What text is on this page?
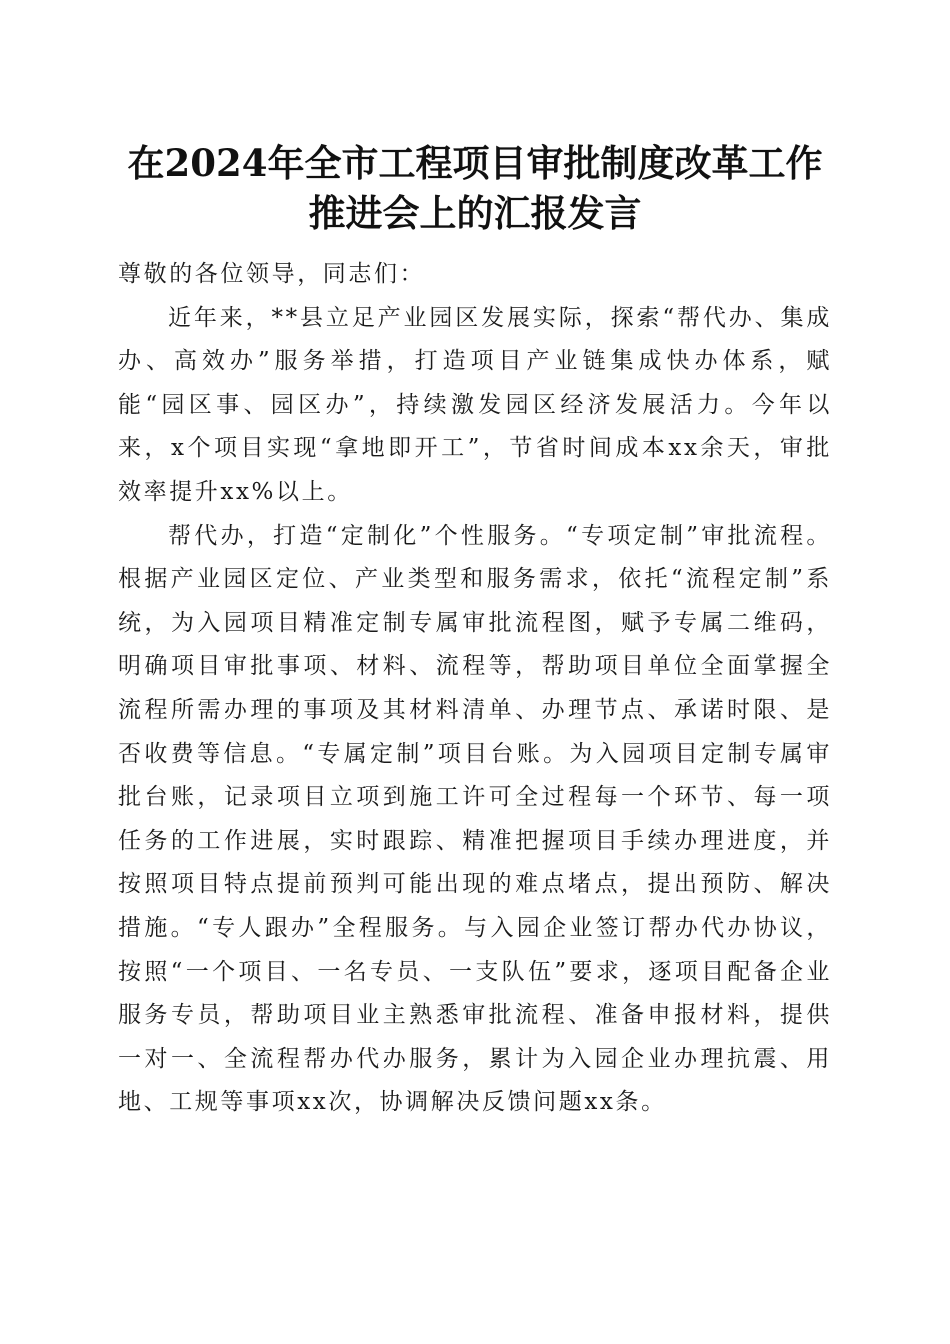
在2024年全市工程项目审批制度改革工作推进会上的汇报发言

尊敬的各位领导，同志们：

近年来，**县立足产业园区发展实际，探索“帮代办、集成办、高效办”服务举措，打造项目产业链集成快办体系，赋能“园区事、园区办”，持续激发园区经济发展活力。今年以来，x个项目实现“拿地即开工”，节省时间成本xx余天，审批效率提升xx%以上。

帮代办，打造“定制化”个性服务。“专项定制”审批流程。根据产业园区定位、产业类型和服务需求，依托“流程定制”系统，为入园项目精准定制专属审批流程图，赋予专属二维码，明确项目审批事项、材料、流程等，帮助项目单位全面掌握全流程所需办理的事项及其材料清单、办理节点、承诺时限、是否收费等信息。“专属定制”项目台账。为入园项目定制专属审批台账，记录项目立项到施工许可全过程每一个环节、每一项任务的工作进展，实时跟踪、精准把握项目手续办理进度，并按照项目特点提前预判可能出现的难点堵点，提出预防、解决措施。“专人跟办”全程服务。与入园企业签订帮办代办协议，按照“一个项目、一名专员、一支队伍”要求，逐项目配备企业服务专员，帮助项目业主熟悉审批流程、准备申报材料，提供一对一、全流程帮办代办服务，累计为入园企业办理抗震、用地、工规等事项xx次，协调解决反馈问题xx条。
